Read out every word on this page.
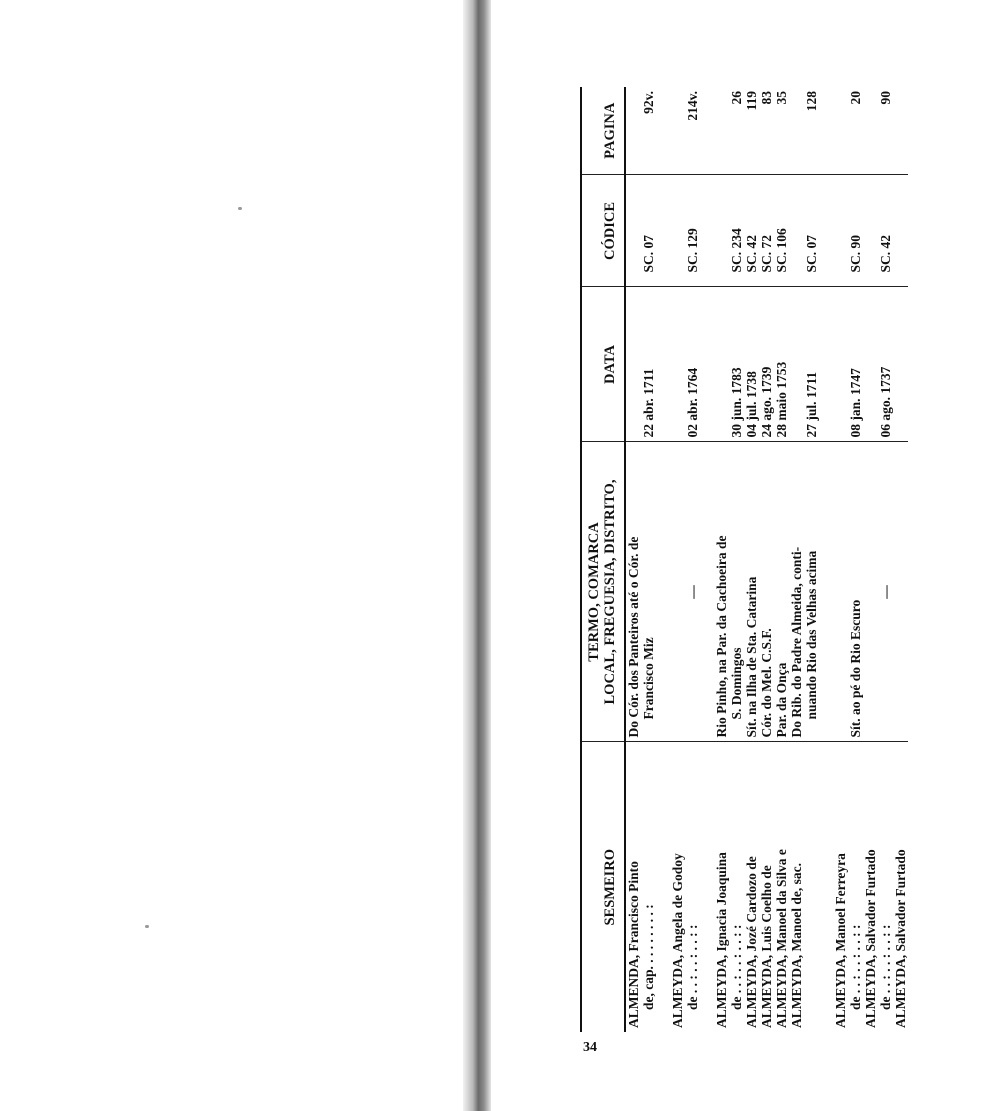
34
SESMEIRO	TERMO, COMARCA LOCAL, FREGUESIA, DISTRITO,	DATA	CÓDICE	PAGINA

ALMENDA, Francisco Pinto de, cap. . . . . . . . . :	Do Cór. dos Panteiros até o Cór. de Francisco Miz	22 abr. 1711	SC. 07	92v.

ALMEYDA, Angela de Godoy de . . : . . : . . : :	—	02 abr. 1764	SC. 129	214v.

ALMEYDA, Ignacia Joaquina de . . : . . : . . : :	Rio Pinho, na Par. da Cachoeira de S. Domingos	30 jun. 1783	SC. 234	26
ALMEYDA, Jozé Cardozo de	Sít. na Ilha de Sta. Catarina	04 jul. 1738	SC. 42	119
ALMEYDA, Luis Coelho de	Cór. do Mel. C.S.F.	24 ago. 1739	SC. 72	83
ALMEYDA, Manoel da Silva e	Par. da Onça	28 maio 1753	SC. 106	35
ALMEYDA, Manoel de, sac.	Do Rib. do Padre Almeida, conti- nuando Rio das Velhas acima	27 jul. 1711	SC. 07	128

ALMEYDA, Manoel Ferreyra de . . : . . : . . : :	Sít. ao pé do Rio Escuro	08 jan. 1747	SC. 90	20

ALMEYDA, Salvador Furtado de . . : . . : . . : :	—	06 ago. 1737	SC. 42	90
ALMEYDA, Salvador Furtado				
